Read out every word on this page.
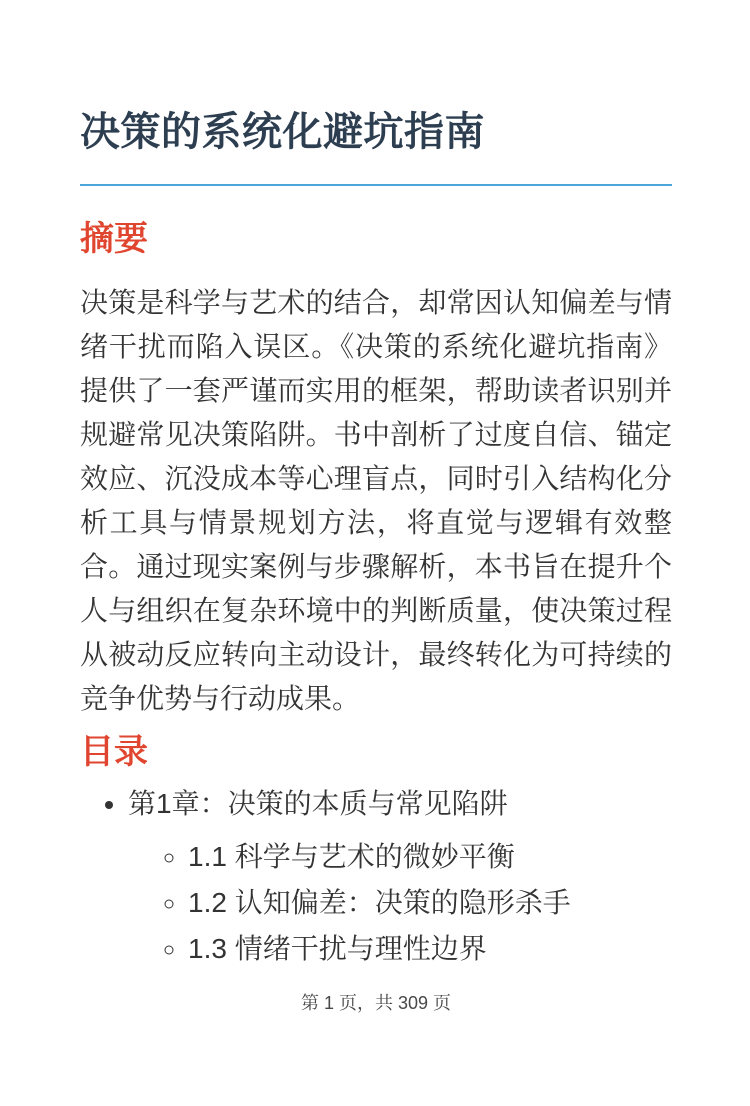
决策的系统化避坑指南
摘要

决策是科学与艺术的结合，却常因认知偏差与情绪干扰而陷入误区。《决策的系统化避坑指南》提供了一套严谨而实用的框架，帮助读者识别并规避常见决策陷阱。书中剖析了过度自信、锚定效应、沉没成本等心理盲点，同时引入结构化分析工具与情景规划方法，将直觉与逻辑有效整合。通过现实案例与步骤解析，本书旨在提升个人与组织在复杂环境中的判断质量，使决策过程从被动反应转向主动设计，最终转化为可持续的竞争优势与行动成果。

目录
• 第1章：决策的本质与常见陷阱
◦ 1.1 科学与艺术的微妙平衡
◦ 1.2 认知偏差：决策的隐形杀手
◦ 1.3 情绪干扰与理性边界
第 1 页，共 309 页
